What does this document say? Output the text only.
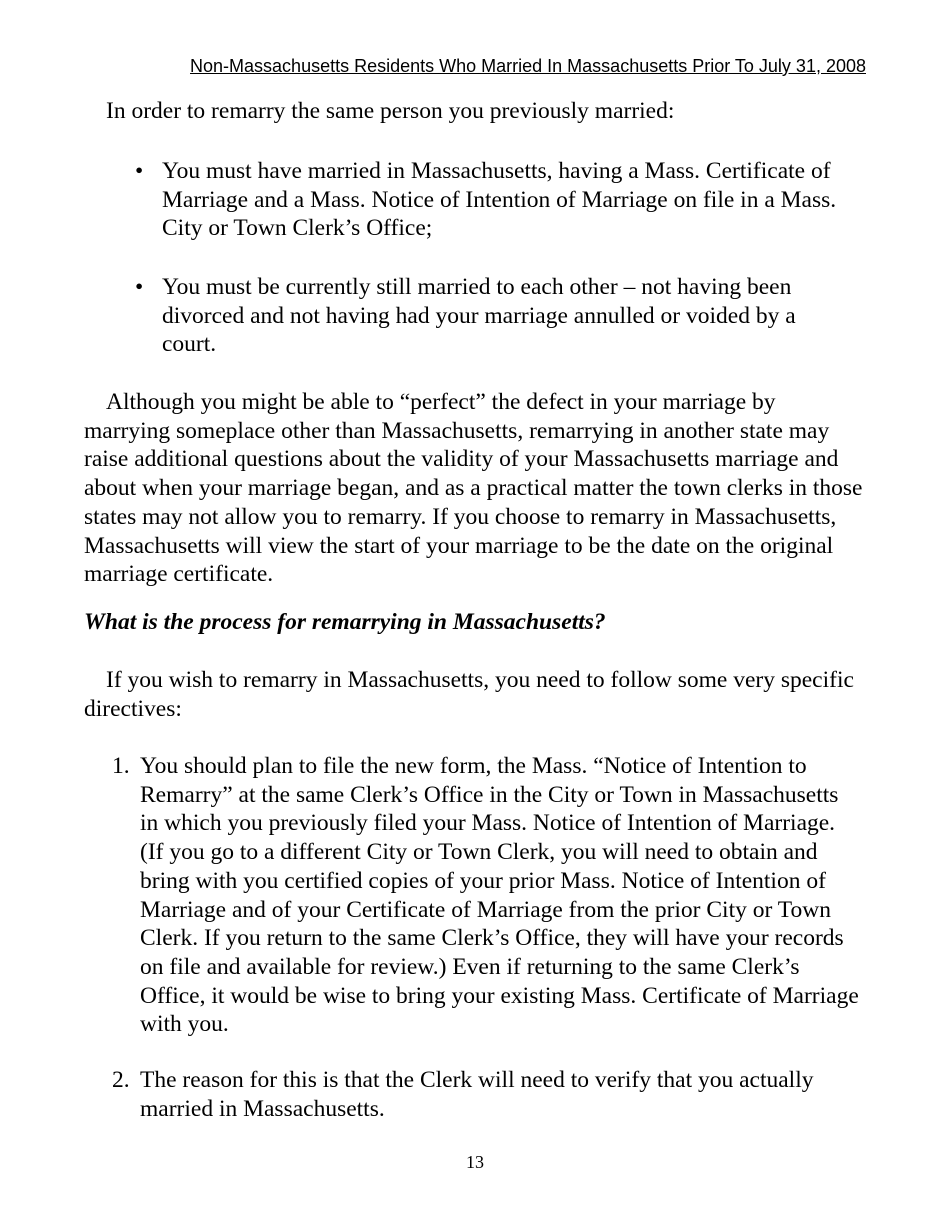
Non-Massachusetts Residents Who Married In Massachusetts Prior To July 31, 2008
In order to remarry the same person you previously married:
• You must have married in Massachusetts, having a Mass. Certificate of Marriage and a Mass. Notice of Intention of Marriage on file in a Mass. City or Town Clerk’s Office;
• You must be currently still married to each other – not having been divorced and not having had your marriage annulled or voided by a court.
Although you might be able to “perfect” the defect in your marriage by marrying someplace other than Massachusetts, remarrying in another state may raise additional questions about the validity of your Massachusetts marriage and about when your marriage began, and as a practical matter the town clerks in those states may not allow you to remarry. If you choose to remarry in Massachusetts, Massachusetts will view the start of your marriage to be the date on the original marriage certificate.
What is the process for remarrying in Massachusetts?
If you wish to remarry in Massachusetts, you need to follow some very specific directives:
1. You should plan to file the new form, the Mass. “Notice of Intention to Remarry” at the same Clerk’s Office in the City or Town in Massachusetts in which you previously filed your Mass. Notice of Intention of Marriage. (If you go to a different City or Town Clerk, you will need to obtain and bring with you certified copies of your prior Mass. Notice of Intention of Marriage and of your Certificate of Marriage from the prior City or Town Clerk. If you return to the same Clerk’s Office, they will have your records on file and available for review.) Even if returning to the same Clerk’s Office, it would be wise to bring your existing Mass. Certificate of Marriage with you.
2. The reason for this is that the Clerk will need to verify that you actually married in Massachusetts.
13
